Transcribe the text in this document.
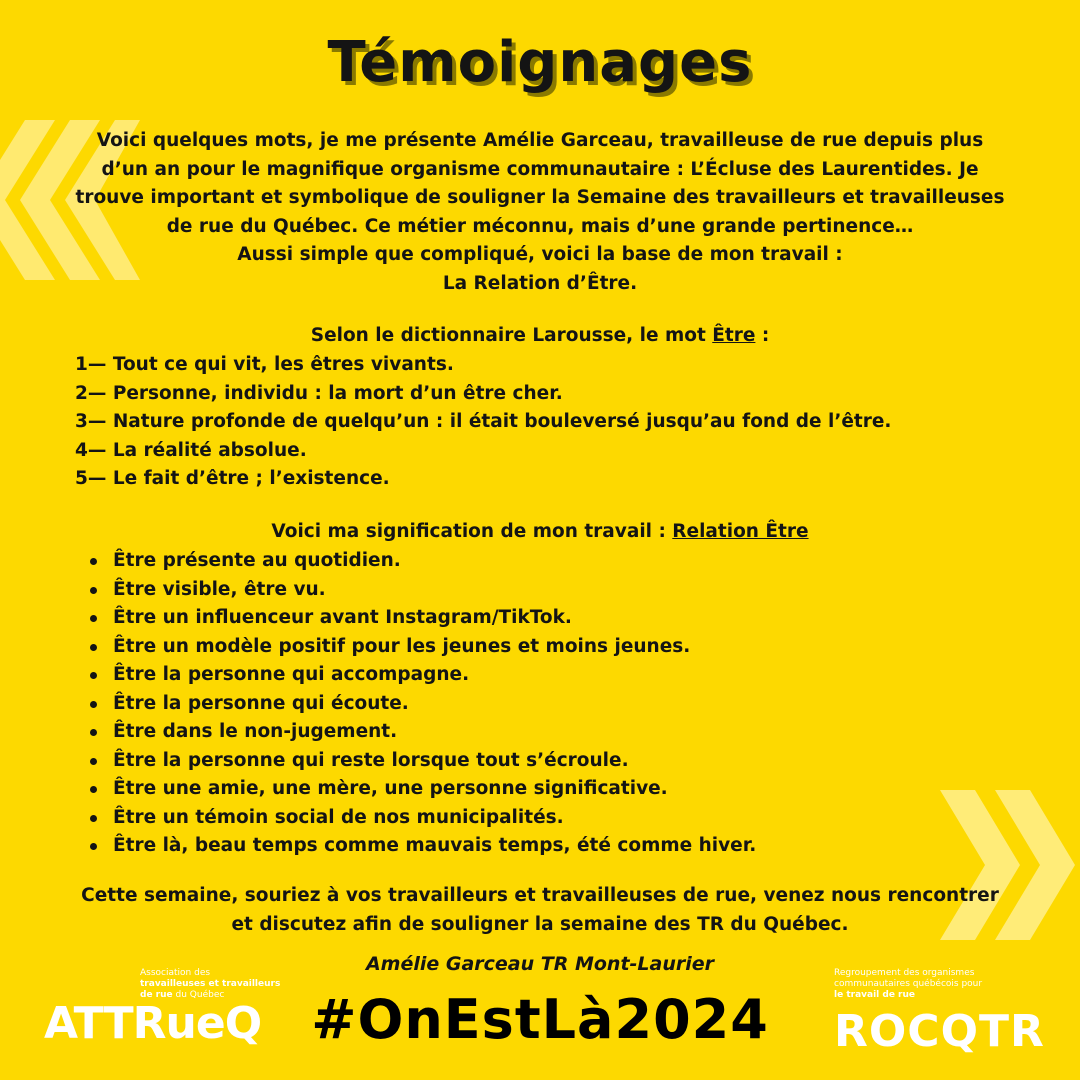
Témoignages

Voici quelques mots, je me présente Amélie Garceau, travailleuse de rue depuis plus

d’un an pour le magnifique organisme communautaire : L’Écluse des Laurentides. Je

trouve important et symbolique de souligner la Semaine des travailleurs et travailleuses

de rue du Québec. Ce métier méconnu, mais d’une grande pertinence…

Aussi simple que compliqué, voici la base de mon travail :

La Relation d’Être.

Selon le dictionnaire Larousse, le mot Être :
1— Tout ce qui vit, les êtres vivants.
2— Personne, individu : la mort d’un être cher.
3— Nature profonde de quelqu’un : il était bouleversé jusqu’au fond de l’être.
4— La réalité absolue.
5— Le fait d’être ; l’existence.
Voici ma signification de mon travail : Relation Être
Être présente au quotidien.
Être visible, être vu.
Être un influenceur avant Instagram/TikTok.
Être un modèle positif pour les jeunes et moins jeunes.
Être la personne qui accompagne.
Être la personne qui écoute.
Être dans le non-jugement.
Être la personne qui reste lorsque tout s’écroule.
Être une amie, une mère, une personne significative.
Être un témoin social de nos municipalités.
Être là, beau temps comme mauvais temps, été comme hiver.
Cette semaine, souriez à vos travailleurs et travailleuses de rue, venez nous rencontrer
et discutez afin de souligner la semaine des TR du Québec.
Amélie Garceau TR Mont-Laurier
#OnEstLà2024
Association des
travailleuses et travailleurs
de rue du Québec
ATTRueQ
Regroupement des organismes
communautaires québécois pour
le travail de rue
ROCQTR
